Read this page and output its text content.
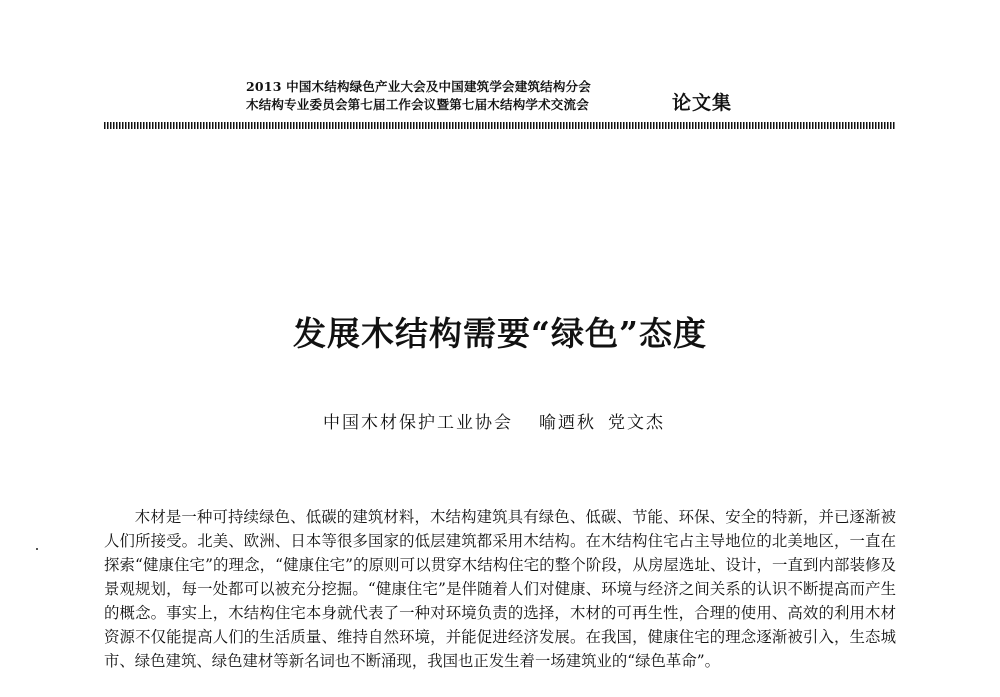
2013 中国木结构绿色产业大会及中国建筑学会建筑结构分会
木结构专业委员会第七届工作会议暨第七届木结构学术交流会	论文集
发展木结构需要“绿色”态度
中国木材保护工业协会 喻迺秋 党文杰

木材是一种可持续绿色、低碳的建筑材料，木结构建筑具有绿色、低碳、节能、环保、安全的特新，并已逐渐被人们所接受。北美、欧洲、日本等很多国家的低层建筑都采用木结构。在木结构住宅占主导地位的北美地区，一直在探索“健康住宅”的理念，“健康住宅”的原则可以贯穿木结构住宅的整个阶段，从房屋选址、设计，一直到内部装修及景观规划，每一处都可以被充分挖掘。“健康住宅”是伴随着人们对健康、环境与经济之间关系的认识不断提高而产生的概念。事实上，木结构住宅本身就代表了一种对环境负责的选择，木材的可再生性，合理的使用、高效的利用木材资源不仅能提高人们的生活质量、维持自然环境，并能促进经济发展。在我国，健康住宅的理念逐渐被引入，生态城市、绿色建筑、绿色建材等新名词也不断涌现，我国也正发生着一场建筑业的“绿色革命”。
